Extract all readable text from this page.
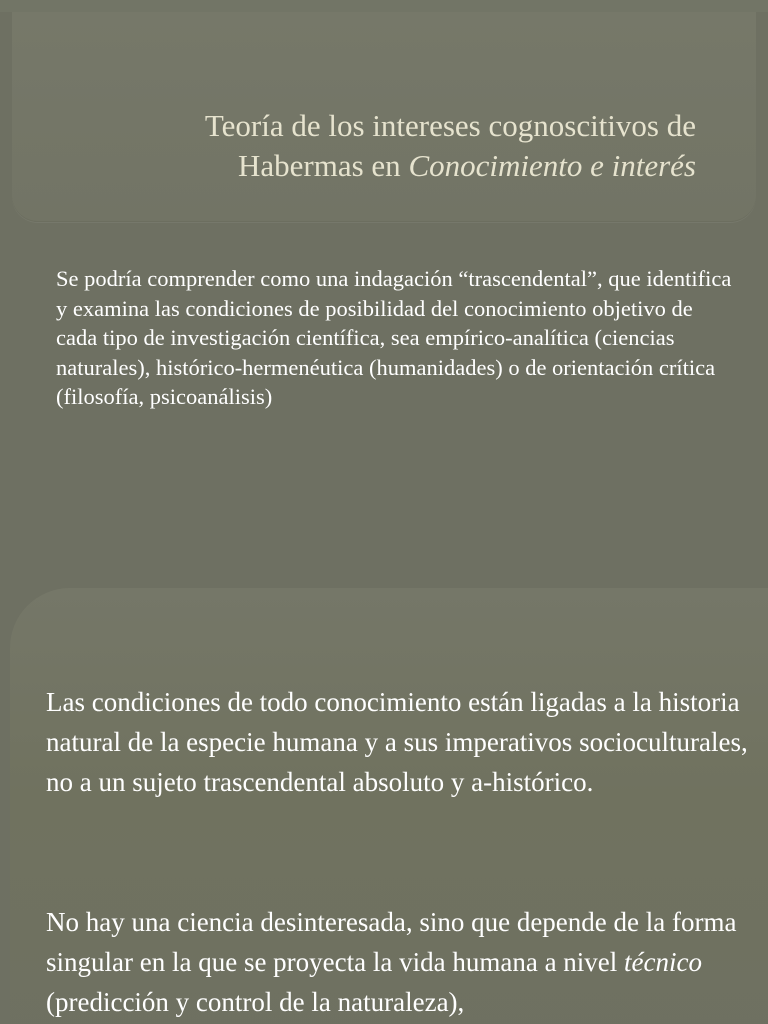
Teoría de los intereses cognoscitivos de
Habermas en Conocimiento e interés

Se podría comprender como una indagación “trascendental”, que identifica y examina las condiciones de posibilidad del conocimiento objetivo de cada tipo de investigación científica, sea empírico-analítica (ciencias naturales), histórico-hermenéutica (humanidades) o de orientación crítica (filosofía, psicoanálisis)

Las condiciones de todo conocimiento están ligadas a la historia natural de la especie humana y a sus imperativos socioculturales, no a un sujeto trascendental absoluto y a-histórico.

No hay una ciencia desinteresada, sino que depende de la forma singular en la que se proyecta la vida humana a nivel técnico (predicción y control de la naturaleza),
